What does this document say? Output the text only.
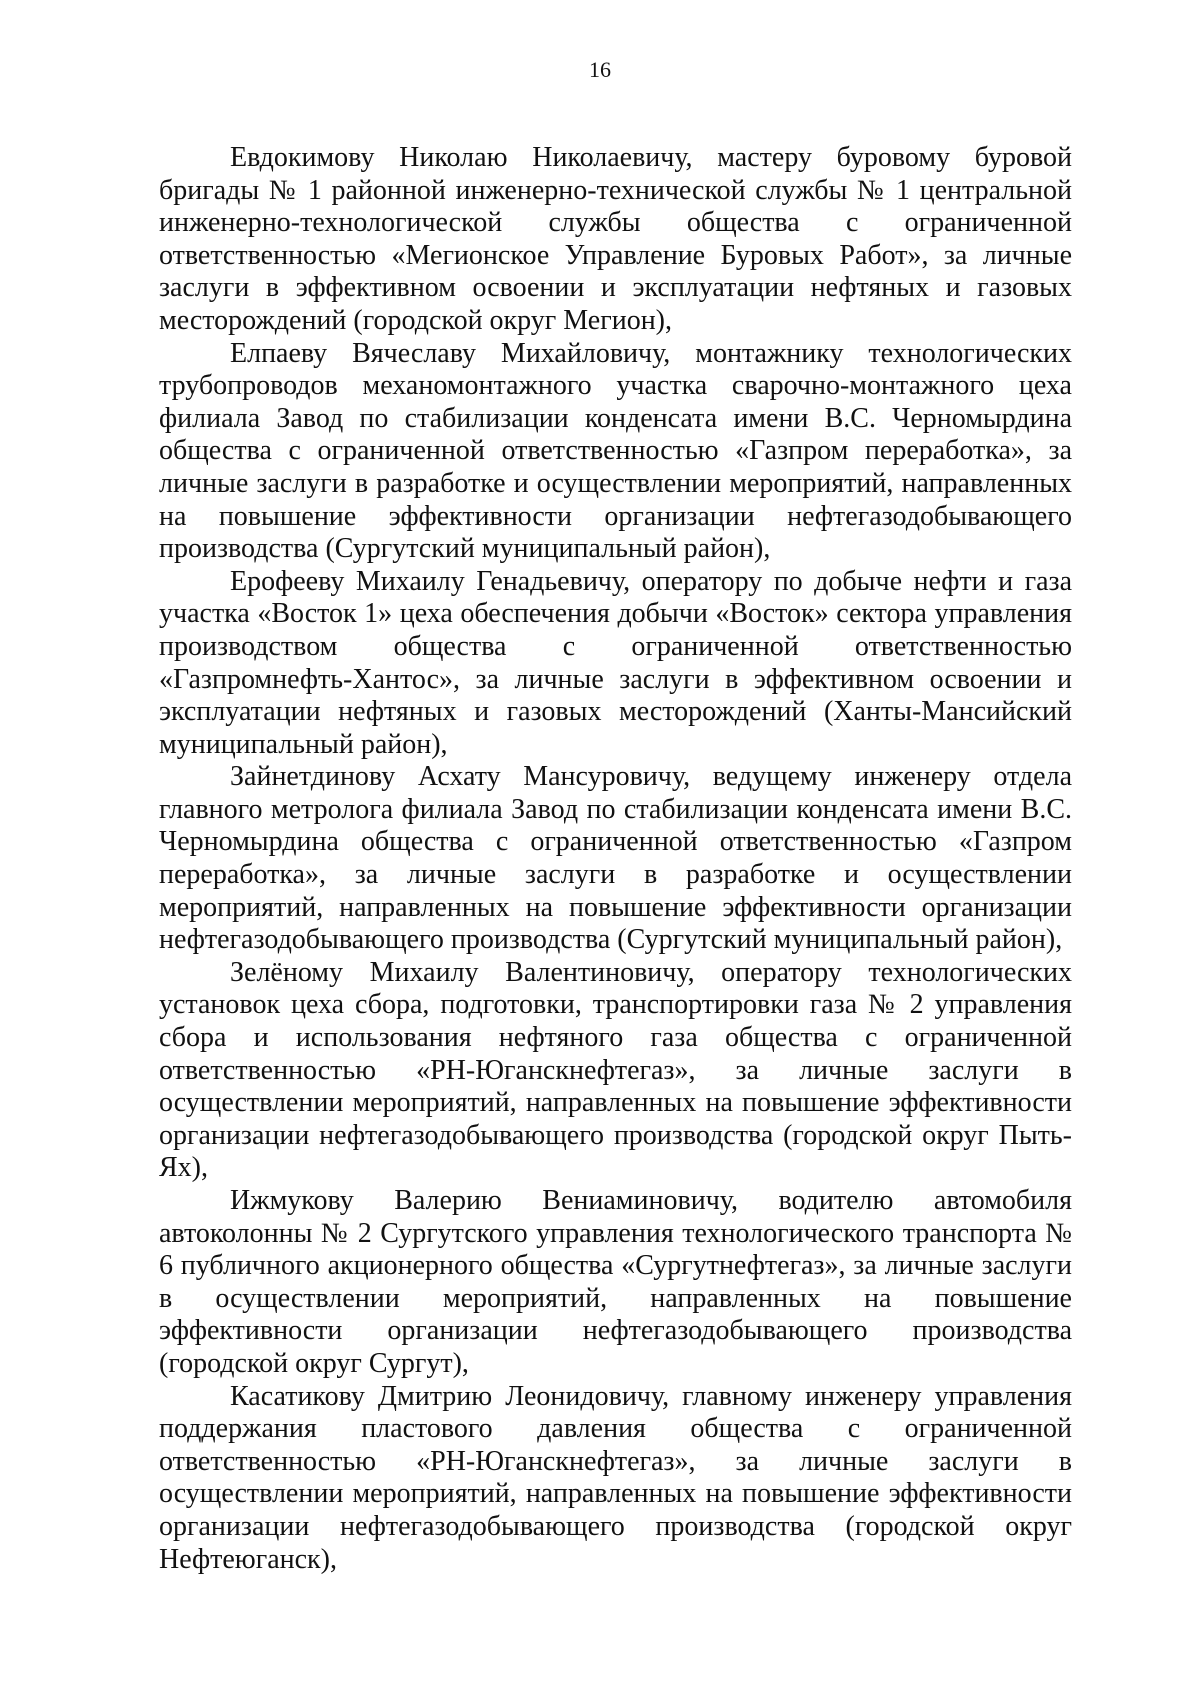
16

Евдокимову Николаю Николаевичу, мастеру буровому буровой бригады № 1 районной инженерно-технической службы № 1 центральной инженерно-технологической службы общества с ограниченной ответственностью «Мегионское Управление Буровых Работ», за личные заслуги в эффективном освоении и эксплуатации нефтяных и газовых месторождений (городской округ Мегион),

Елпаеву Вячеславу Михайловичу, монтажнику технологических трубопроводов механомонтажного участка сварочно-монтажного цеха филиала Завод по стабилизации конденсата имени В.С. Черномырдина общества с ограниченной ответственностью «Газпром переработка», за личные заслуги в разработке и осуществлении мероприятий, направленных на повышение эффективности организации нефтегазодобывающего производства (Сургутский муниципальный район),

Ерофееву Михаилу Генадьевичу, оператору по добыче нефти и газа участка «Восток 1» цеха обеспечения добычи «Восток» сектора управления производством общества с ограниченной ответственностью «Газпромнефть-Хантос», за личные заслуги в эффективном освоении и эксплуатации нефтяных и газовых месторождений (Ханты-Мансийский муниципальный район),

Зайнетдинову Асхату Мансуровичу, ведущему инженеру отдела главного метролога филиала Завод по стабилизации конденсата имени В.С. Черномырдина общества с ограниченной ответственностью «Газпром переработка», за личные заслуги в разработке и осуществлении мероприятий, направленных на повышение эффективности организации нефтегазодобывающего производства (Сургутский муниципальный район),

Зелёному Михаилу Валентиновичу, оператору технологических установок цеха сбора, подготовки, транспортировки газа № 2 управления сбора и использования нефтяного газа общества с ограниченной ответственностью «РН-Юганскнефтегаз», за личные заслуги в осуществлении мероприятий, направленных на повышение эффективности организации нефтегазодобывающего производства (городской округ Пыть-Ях),

Ижмукову Валерию Вениаминовичу, водителю автомобиля автоколонны № 2 Сургутского управления технологического транспорта № 6 публичного акционерного общества «Сургутнефтегаз», за личные заслуги в осуществлении мероприятий, направленных на повышение эффективности организации нефтегазодобывающего производства (городской округ Сургут),

Касатикову Дмитрию Леонидовичу, главному инженеру управления поддержания пластового давления общества с ограниченной ответственностью «РН-Юганскнефтегаз», за личные заслуги в осуществлении мероприятий, направленных на повышение эффективности организации нефтегазодобывающего производства (городской округ Нефтеюганск),
